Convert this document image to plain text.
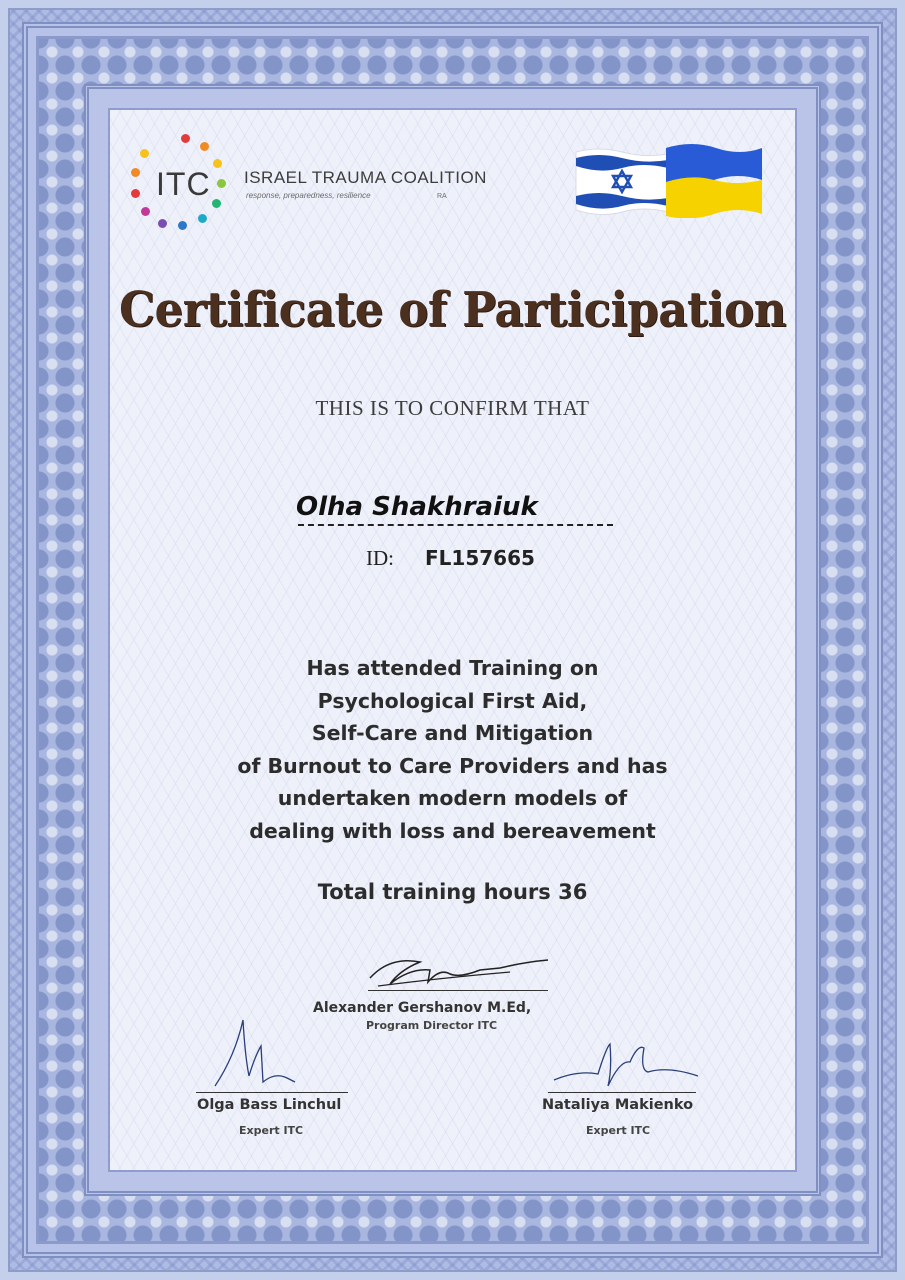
ITC ISRAEL TRAUMA COALITION
response, preparedness, resilience	RA
Certificate of Participation
THIS IS TO CONFIRM THAT
Olha Shakhraiuk
ID: FL157665
Has attended Training on
Psychological First Aid,
Self-Care and Mitigation
of Burnout to Care Providers and has
undertaken modern models of
dealing with loss and bereavement
Total training hours 36
Alexander Gershanov M.Ed,
Program Director ITC
Olga Bass Linchul
Expert ITC
Nataliya Makienko
Expert ITC
